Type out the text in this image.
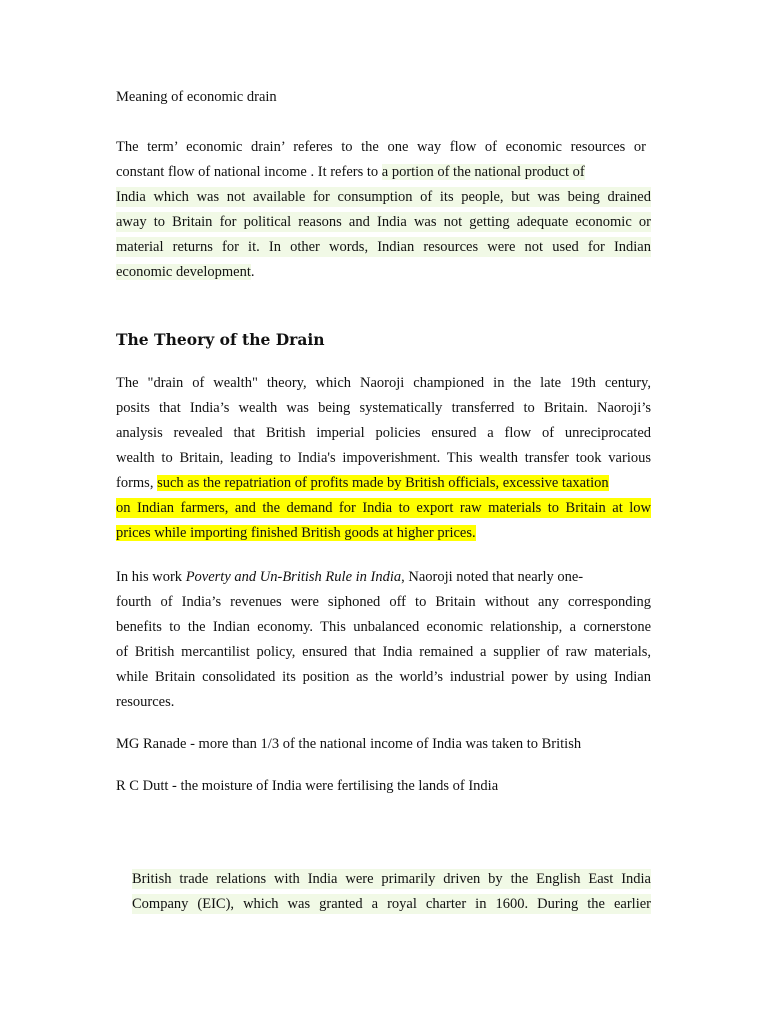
Meaning of economic drain
The term’ economic drain’ referes to the one way flow of economic resources or
constant flow of national income . It refers to a portion of the national product of
India which was not available for consumption of its people, but was being drained
away to Britain for political reasons and India was not getting adequate economic or
material returns for it. In other words, Indian resources were not used for Indian
economic development.
The Theory of the Drain
The "drain of wealth" theory, which Naoroji championed in the late 19th century,
posits that India’s wealth was being systematically transferred to Britain. Naoroji’s
analysis revealed that British imperial policies ensured a flow of unreciprocated
wealth to Britain, leading to India's impoverishment. This wealth transfer took various
forms, such as the repatriation of profits made by British officials, excessive taxation
on Indian farmers, and the demand for India to export raw materials to Britain at low
prices while importing finished British goods at higher prices.
In his work Poverty and Un-British Rule in India, Naoroji noted that nearly one-
fourth of India’s revenues were siphoned off to Britain without any corresponding
benefits to the Indian economy. This unbalanced economic relationship, a cornerstone
of British mercantilist policy, ensured that India remained a supplier of raw materials,
while Britain consolidated its position as the world’s industrial power by using Indian
resources.
MG Ranade - more than 1/3 of the national income of India was taken to British
R C Dutt - the moisture of India were fertilising the lands of India
British trade relations with India were primarily driven by the English East India
Company (EIC), which was granted a royal charter in 1600. During the earlier
